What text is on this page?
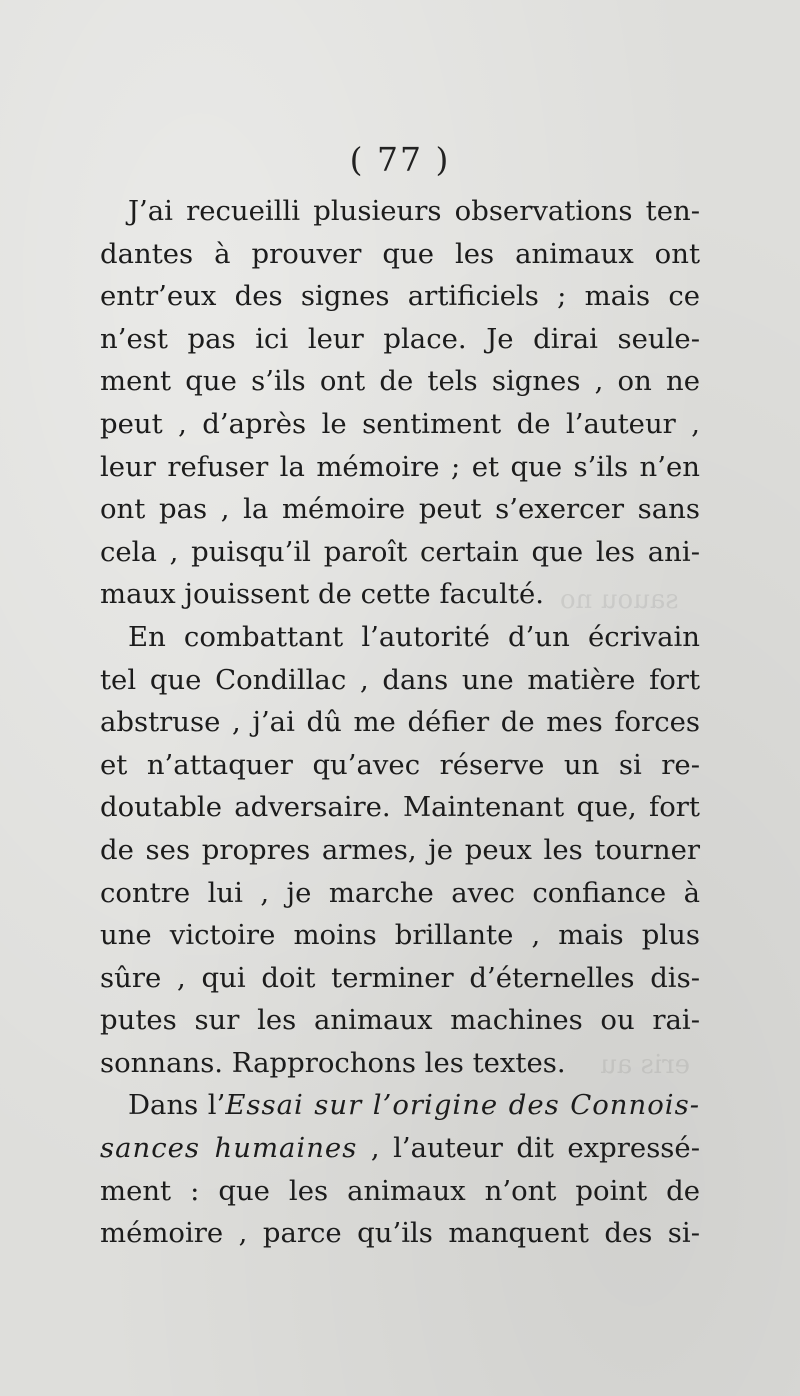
sauou no
eris au
( 77 )
J’ai recueilli plusieurs observations ten-
dantes à prouver que les animaux ont
entr’eux des signes artificiels ; mais ce
n’est pas ici leur place. Je dirai seule-
ment que s’ils ont de tels signes , on ne
peut , d’après le sentiment de l’auteur ,
leur refuser la mémoire ; et que s’ils n’en
ont pas , la mémoire peut s’exercer sans
cela , puisqu’il paroît certain que les ani-
maux jouissent de cette faculté.
En combattant l’autorité d’un écrivain
tel que Condillac , dans une matière fort
abstruse , j’ai dû me défier de mes forces
et n’attaquer qu’avec réserve un si re-
doutable adversaire. Maintenant que, fort
de ses propres armes, je peux les tourner
contre lui , je marche avec confiance à
une victoire moins brillante , mais plus
sûre , qui doit terminer d’éternelles dis-
putes sur les animaux machines ou rai-
sonnans. Rapprochons les textes.
Dans l’Essai sur l’origine des Connois-
sances humaines , l’auteur dit expressé-
ment : que les animaux n’ont point de
mémoire , parce qu’ils manquent des si-
